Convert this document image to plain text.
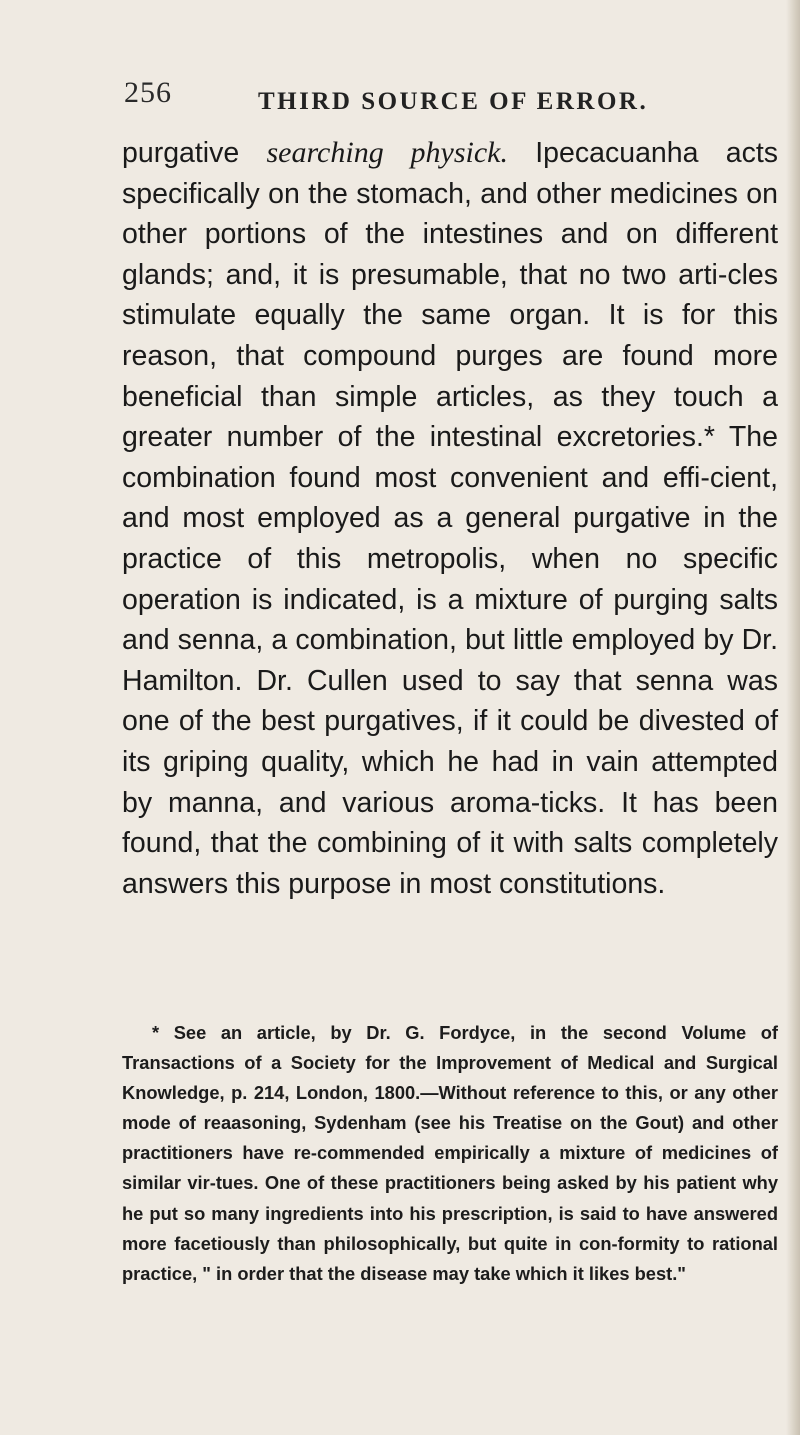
256	THIRD SOURCE OF ERROR.

purgative searching physick. Ipecacuanha acts specifically on the stomach, and other medicines on other portions of the intestines and on different glands; and, it is presumable, that no two arti-cles stimulate equally the same organ. It is for this reason, that compound purges are found more beneficial than simple articles, as they touch a greater number of the intestinal excretories.* The combination found most convenient and effi-cient, and most employed as a general purgative in the practice of this metropolis, when no specific operation is indicated, is a mixture of purging salts and senna, a combination, but little employed by Dr. Hamilton. Dr. Cullen used to say that senna was one of the best purgatives, if it could be divested of its griping quality, which he had in vain attempted by manna, and various aroma-ticks. It has been found, that the combining of it with salts completely answers this purpose in most constitutions.

* See an article, by Dr. G. Fordyce, in the second Volume of Transactions of a Society for the Improvement of Medical and Surgical Knowledge, p. 214, London, 1800.—Without reference to this, or any other mode of reaasoning, Sydenham (see his Treatise on the Gout) and other practitioners have re-commended empirically a mixture of medicines of similar vir-tues. One of these practitioners being asked by his patient why he put so many ingredients into his prescription, is said to have answered more facetiously than philosophically, but quite in con-formity to rational practice, " in order that the disease may take which it likes best."
